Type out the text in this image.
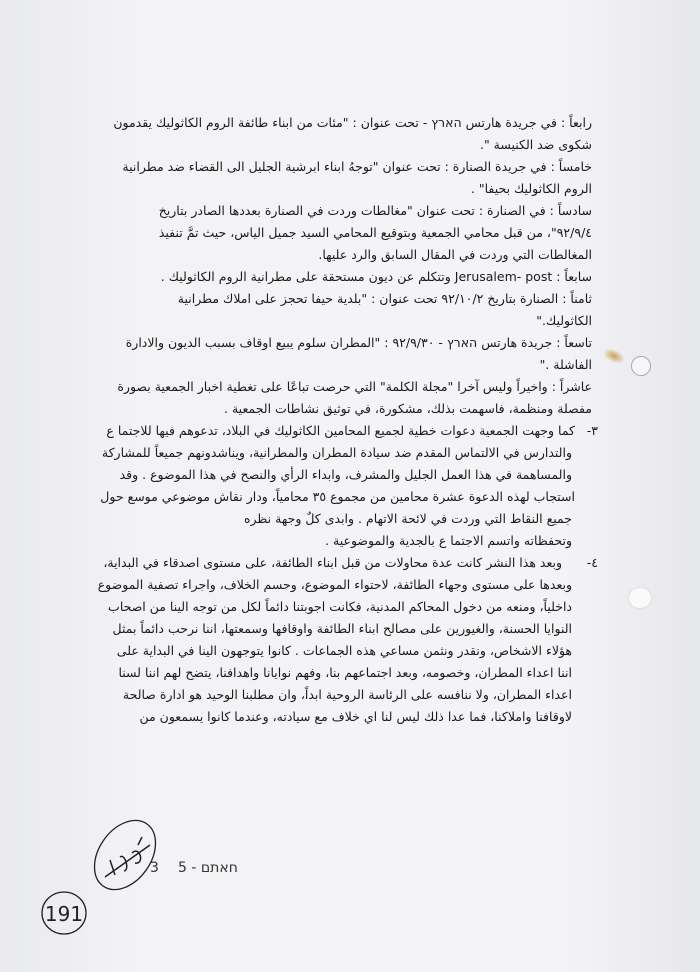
رابعاً : في جريدة هارتس הארץ - تحت عنوان : "مئات من ابناء طائفة الروم الكاثوليك يقدمون
شكوى ضد الكنيسة ".
خامساً : في جريدة الصنارة : تحت عنوان "توجهُ ابناء ابرشية الجليل الى القضاء ضد مطرانية
الروم الكاثوليك بحيفا" .
سادساً : في الصنارة : تحت عنوان "مغالطات وردت في الصنارة بعددها الصادر بتاريخ
٩٢/٩/٤"، من قبل محامي الجمعية وبتوقيع المحامي السيد جميل الياس، حيث تمَّ تنفيذ
المغالطات التي وردت في المقال السابق والرد عليها.
سابعاً : Jerusalem- post وتتكلم عن ديون مستحقة على مطرانية الروم الكاثوليك .
ثامناً : الصنارة بتاريخ ٩٢/١٠/٢ تحت عنوان : "بلدية حيفا تحجز على املاك مطرانية
الكاثوليك."
تاسعاً : جريدة هارتس הארץ - ٩٢/٩/٣٠ : "المطران سلوم يبيع اوقاف بسبب الديون والادارة
الفاشلة ."
عاشراً : واخيراً وليس آخرا "مجلة الكلمة" التي حرصت تباعًا على تغطية اخبار الجمعية بصورة
مفصلة ومنظمة، فاسهمت بذلك، مشكورة، في توثيق نشاطات الجمعية .
٣-
كما وجهت الجمعية دعوات خطية لجميع المحامين الكاثوليك في البلاد، تدعوهم فيها للاجتما ع
والتدارس في الالتماس المقدم ضد سيادة المطران والمطرانية، ويناشدونهم جميعاً للمشاركة
والمساهمة في هذا العمل الجليل والمشرف، وابداء الرأي والنصح في هذا الموضوع . وقد
استجاب لهذه الدعوة عشرة محامين من مجموع ٣٥ محامياً، ودار نقاش موضوعي موسع حول
جميع النقاط التي وردت في لائحة الاتهام . وابدى كلٌ وجهة نظره
وتحفظاته واتسم الاجتما ع بالجدية والموضوعية .
٤-
وبعد هذا النشر كانت عدة محاولات من قبل ابناء الطائفة، على مستوى اصدقاء في البداية،
وبعدها على مستوى وجهاء الطائفة، لاحتواء الموضوع، وحسم الخلاف، واجراء تصفية الموضوع
داخلياً، ومنعه من دخول المحاكم المدنية، فكانت اجوبتنا دائماً لكل من توجه الينا من اصحاب
النوايا الحسنة، والغيورين على مصالح ابناء الطائفة واوقافها وسمعتها، اننا نرحب دائماً بمثل
هؤلاء الاشخاص، ونقدر ونثمن مساعي هذه الجماعات . كانوا يتوجهون الينا في البداية على
اننا اعداء المطران، وخصومه، وبعد اجتماعهم بنا، وفهم نوايانا واهدافنا، يتضح لهم اننا لسنا
اعداء المطران، ولا ننافسه على الرئاسة الروحية ابداً، وان مطلبنا الوحيد هو ادارة صالحة
لاوقافنا واملاكنا، فما عدا ذلك ليس لنا اي خلاف مع سيادته، وعندما كانوا يسمعون من
חאתם - 5
3
191
